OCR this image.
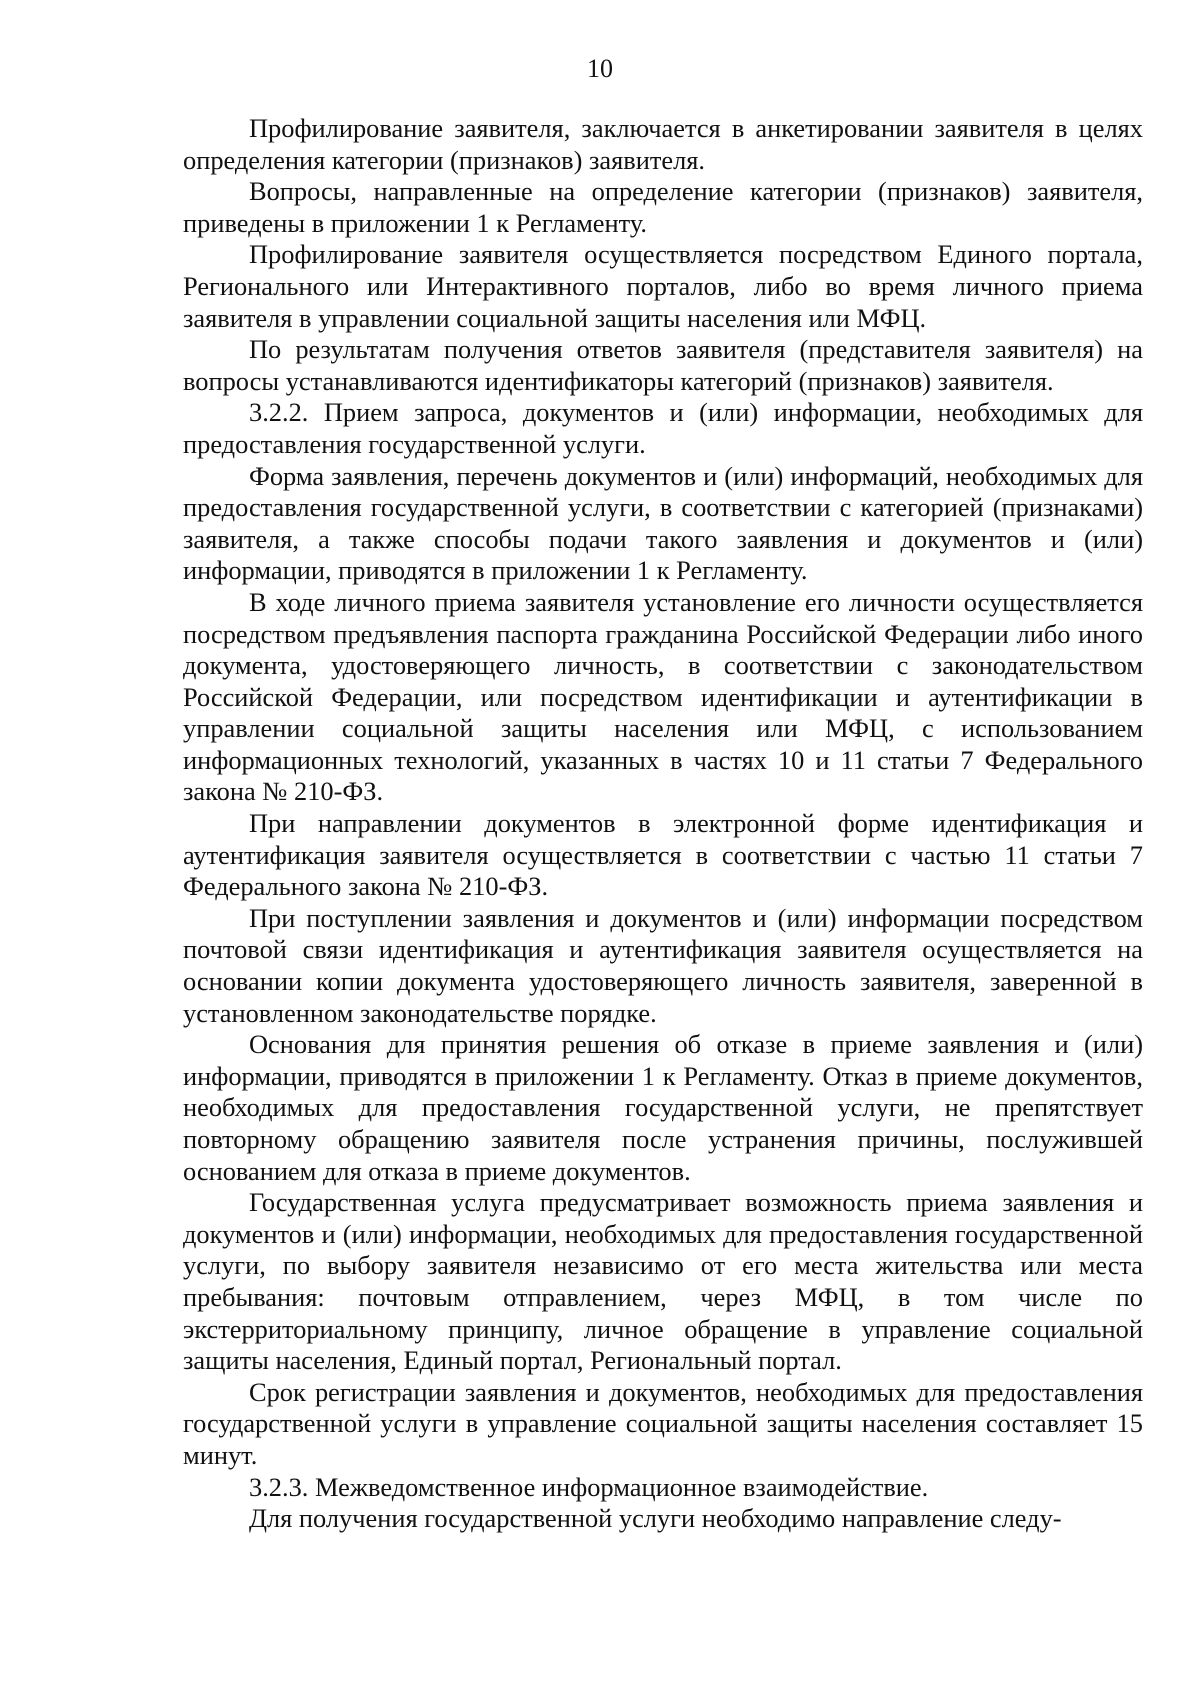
10

Профилирование заявителя, заключается в анкетировании заявителя в целях определения категории (признаков) заявителя.

Вопросы, направленные на определение категории (признаков) заявителя, приведены в приложении 1 к Регламенту.

Профилирование заявителя осуществляется посредством Единого портала, Регионального или Интерактивного порталов, либо во время личного приема заявителя в управлении социальной защиты населения или МФЦ.

По результатам получения ответов заявителя (представителя заявителя) на вопросы устанавливаются идентификаторы категорий (признаков) заявителя.

3.2.2. Прием запроса, документов и (или) информации, необходимых для предоставления государственной услуги.

Форма заявления, перечень документов и (или) информаций, необходимых для предоставления государственной услуги, в соответствии с категорией (признаками) заявителя, а также способы подачи такого заявления и документов и (или) информации, приводятся в приложении 1 к Регламенту.

В ходе личного приема заявителя установление его личности осуществляется посредством предъявления паспорта гражданина Российской Федерации либо иного документа, удостоверяющего личность, в соответствии с законодательством Российской Федерации, или посредством идентификации и аутентификации в управлении социальной защиты населения или МФЦ, с использованием информационных технологий, указанных в частях 10 и 11 статьи 7 Федерального закона № 210-ФЗ.

При направлении документов в электронной форме идентификация и аутентификация заявителя осуществляется в соответствии с частью 11 статьи 7 Федерального закона № 210-ФЗ.

При поступлении заявления и документов и (или) информации посредством почтовой связи идентификация и аутентификация заявителя осуществляется на основании копии документа удостоверяющего личность заявителя, заверенной в установленном законодательстве порядке.

Основания для принятия решения об отказе в приеме заявления и (или) информации, приводятся в приложении 1 к Регламенту. Отказ в приеме документов, необходимых для предоставления государственной услуги, не препятствует повторному обращению заявителя после устранения причины, послужившей основанием для отказа в приеме документов.

Государственная услуга предусматривает возможность приема заявления и документов и (или) информации, необходимых для предоставления государственной услуги, по выбору заявителя независимо от его места жительства или места пребывания: почтовым отправлением, через МФЦ, в том числе по экстерриториальному принципу, личное обращение в управление социальной защиты населения, Единый портал, Региональный портал.

Срок регистрации заявления и документов, необходимых для предоставления государственной услуги в управление социальной защиты населения составляет 15 минут.

3.2.3. Межведомственное информационное взаимодействие.

Для получения государственной услуги необходимо направление следу-
